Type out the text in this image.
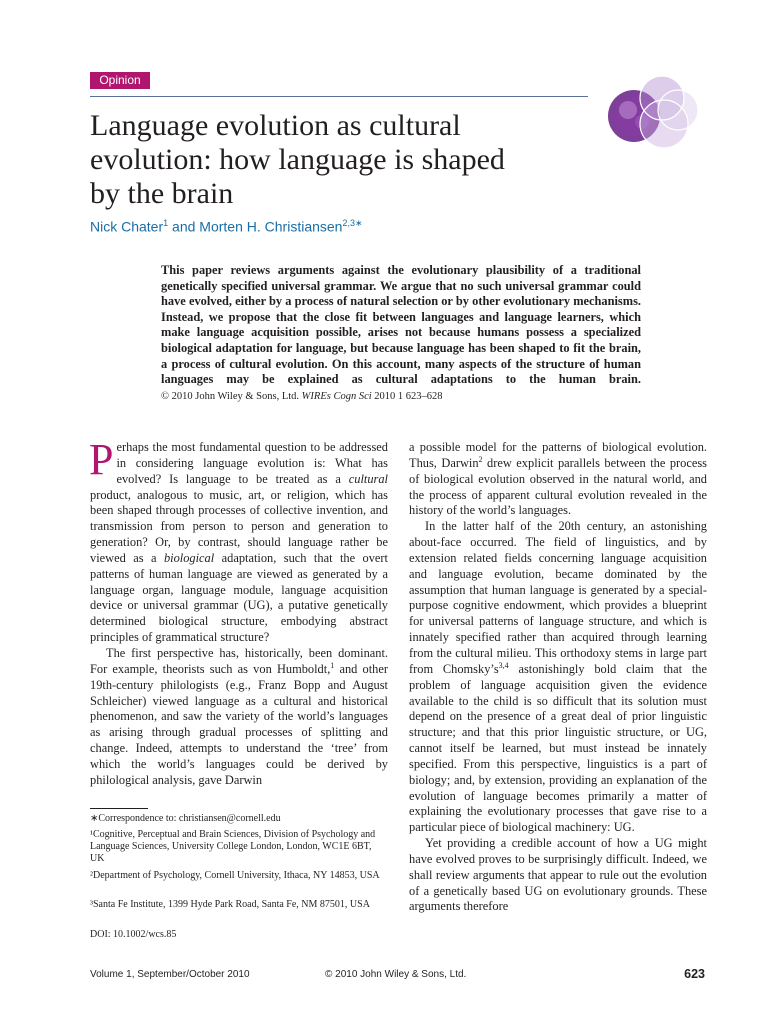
Opinion
Language evolution as cultural
evolution: how language is shaped
by the brain
Nick Chater$^1$ and Morten H. Christiansen$^{2,3∗}$

This paper reviews arguments against the evolutionary plausibility of a traditional genetically specified universal grammar. We argue that no such universal grammar could have evolved, either by a process of natural selection or by other evolutionary mechanisms. Instead, we propose that the close fit between languages and language learners, which make language acquisition possible, arises not because humans possess a specialized biological adaptation for language, but because language has been shaped to fit the brain, a process of cultural evolution. On this account, many aspects of the structure of human languages may be explained as cultural adaptations to the human brain. © 2010 John Wiley & Sons, Ltd. WIREs Cogn Sci 2010 1 623–628

Perhaps the most fundamental question to be addressed in considering language evolution is: What has evolved? Is language to be treated as a cultural product, analogous to music, art, or religion, which has been shaped through processes of collective invention, and transmission from person to person and generation to generation? Or, by contrast, should language rather be viewed as a biological adaptation, such that the overt patterns of human language are viewed as generated by a language organ, language module, language acquisition device or universal grammar (UG), a putative genetically determined biological structure, embodying abstract principles of grammatical structure?

The first perspective has, historically, been dominant. For example, theorists such as von Humboldt,$^1$ and other 19th-century philologists (e.g., Franz Bopp and August Schleicher) viewed language as a cultural and historical phenomenon, and saw the variety of the world’s languages as arising through gradual processes of splitting and change. Indeed, attempts to understand the ‘tree’ from which the world’s languages could be derived by philological analysis, gave Darwin

∗Correspondence to: christiansen@cornell.edu

¹Cognitive, Perceptual and Brain Sciences, Division of Psychology and Language Sciences, University College London, London, WC1E 6BT, UK

²Department of Psychology, Cornell University, Ithaca, NY 14853, USA

³Santa Fe Institute, 1399 Hyde Park Road, Santa Fe, NM 87501, USA

DOI: 10.1002/wcs.85

a possible model for the patterns of biological evolution. Thus, Darwin$^2$ drew explicit parallels between the process of biological evolution observed in the natural world, and the process of apparent cultural evolution revealed in the history of the world’s languages.

In the latter half of the 20th century, an astonishing about-face occurred. The field of linguistics, and by extension related fields concerning language acquisition and language evolution, became dominated by the assumption that human language is generated by a special-purpose cognitive endowment, which provides a blueprint for universal patterns of language structure, and which is innately specified rather than acquired through learning from the cultural milieu. This orthodoxy stems in large part from $Chomsky’s^{3,4}$ astonishingly bold claim that the problem of language acquisition given the evidence available to the child is so difficult that its solution must depend on the presence of a great deal of prior linguistic structure; and that this prior linguistic structure, or UG, cannot itself be learned, but must instead be innately specified. From this perspective, linguistics is a part of biology; and, by extension, providing an explanation of the evolution of language becomes primarily a matter of explaining the evolutionary processes that gave rise to a particular piece of biological machinery: UG.

Yet providing a credible account of how a UG might have evolved proves to be surprisingly difficult. Indeed, we shall review arguments that appear to rule out the evolution of a genetically based UG on evolutionary grounds. These arguments therefore

Volume 1, September/October 2010	© 2010 John Wiley & Sons, Ltd.	623
